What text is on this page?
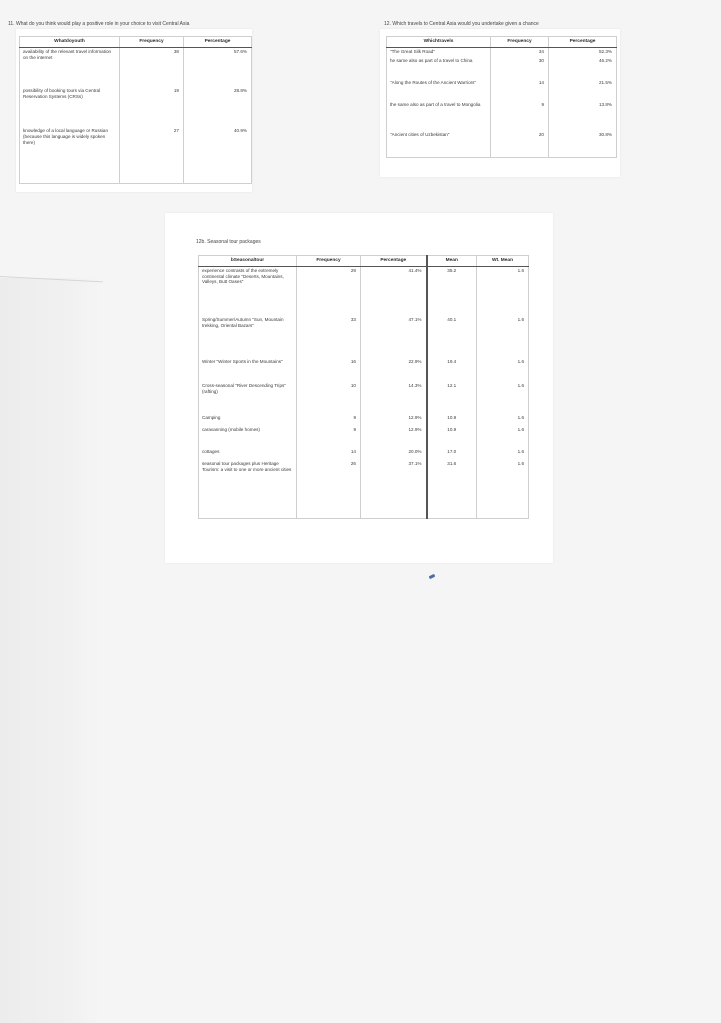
11. What do you think would play a positive role in your choice to visit Central Asia
Whatdoyouth	Frequency	Percentage
availability of the relevant travel information on the internet	38	57.6%
possibility of booking tours via Central Reservation Systems (CRSs)	19	28.8%
knowledge of a local language or Russian (because this language is widely spoken there)	27	40.9%
12. Which travels to Central Asia would you undertake given a chance
Whichtravels	Frequency	Percentage
"The Great Silk Road"	34	52.3%
he same also as part of a travel to China	30	46.2%
"Along the Routes of the Ancient Warriors"	14	21.5%
the same also as part of a travel to Mongolia	9	13.8%
"Ancient cities of Uzbekistan"	20	30.8%
12b. Seasonal tour packages
bSeasonaltour	Frequency	Percentage	Mean	Wt. Mean
experience contrasts of the extremely continental climate "Deserts, Mountains, Valleys, Butt Oases"	29	41.4%	35.2	1.6
Spring/Summer/Autumn "Sun, Mountain trekking, Oriental Bazars"	33	47.1%	40.1	1.6
Winter "Winter Sports in the Mountains"	16	22.9%	19.4	1.6
Cross-seasonal "River Descending Trips" (rafting)	10	14.3%	12.1	1.6
Camping	9	12.9%	10.9	1.6
caravanning (mobile homes)	9	12.9%	10.9	1.6
cottages	14	20.0%	17.0	1.6
seasonal tour packages plus Heritage Tourism: a visit to one or more ancient cities	26	37.1%	31.6	1.6
